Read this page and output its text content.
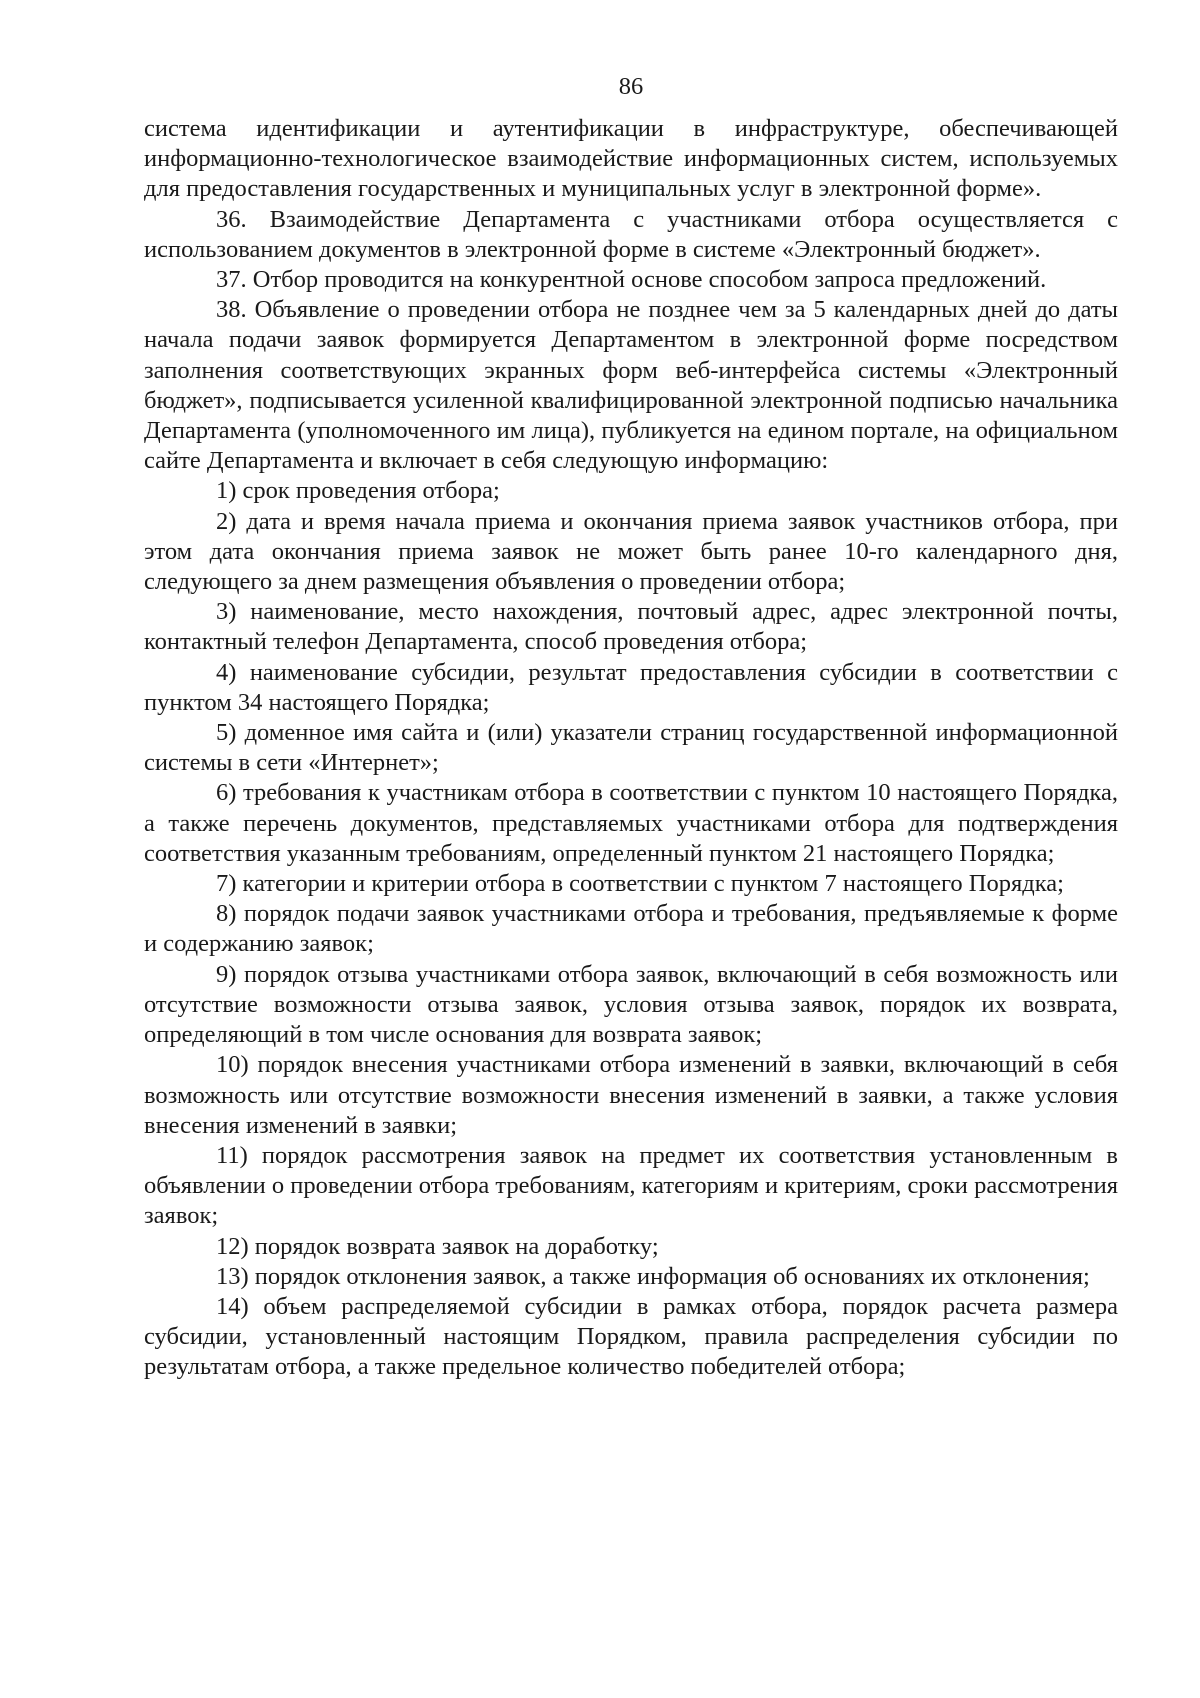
86

система идентификации и аутентификации в инфраструктуре, обеспечивающей информационно-технологическое взаимодействие информационных систем, используемых для предоставления государственных и муниципальных услуг в электронной форме».

36. Взаимодействие Департамента с участниками отбора осуществляется с использованием документов в электронной форме в системе «Электронный бюджет».

37. Отбор проводится на конкурентной основе способом запроса предложений.

38. Объявление о проведении отбора не позднее чем за 5 календарных дней до даты начала подачи заявок формируется Департаментом в электронной форме посредством заполнения соответствующих экранных форм веб-интерфейса системы «Электронный бюджет», подписывается усиленной квалифицированной электронной подписью начальника Департамента (уполномоченного им лица), публикуется на едином портале, на официальном сайте Департамента и включает в себя следующую информацию:

1) срок проведения отбора;

2) дата и время начала приема и окончания приема заявок участников отбора, при этом дата окончания приема заявок не может быть ранее 10-го календарного дня, следующего за днем размещения объявления о проведении отбора;

3) наименование, место нахождения, почтовый адрес, адрес электронной почты, контактный телефон Департамента, способ проведения отбора;

4) наименование субсидии, результат предоставления субсидии в соответствии с пунктом 34 настоящего Порядка;

5) доменное имя сайта и (или) указатели страниц государственной информационной системы в сети «Интернет»;

6) требования к участникам отбора в соответствии с пунктом 10 настоящего Порядка, а также перечень документов, представляемых участниками отбора для подтверждения соответствия указанным требованиям, определенный пунктом 21 настоящего Порядка;

7) категории и критерии отбора в соответствии с пунктом 7 настоящего Порядка;

8) порядок подачи заявок участниками отбора и требования, предъявляемые к форме и содержанию заявок;

9) порядок отзыва участниками отбора заявок, включающий в себя возможность или отсутствие возможности отзыва заявок, условия отзыва заявок, порядок их возврата, определяющий в том числе основания для возврата заявок;

10) порядок внесения участниками отбора изменений в заявки, включающий в себя возможность или отсутствие возможности внесения изменений в заявки, а также условия внесения изменений в заявки;

11) порядок рассмотрения заявок на предмет их соответствия установленным в объявлении о проведении отбора требованиям, категориям и критериям, сроки рассмотрения заявок;

12) порядок возврата заявок на доработку;

13) порядок отклонения заявок, а также информация об основаниях их отклонения;

14) объем распределяемой субсидии в рамках отбора, порядок расчета размера субсидии, установленный настоящим Порядком, правила распределения субсидии по результатам отбора, а также предельное количество победителей отбора;
